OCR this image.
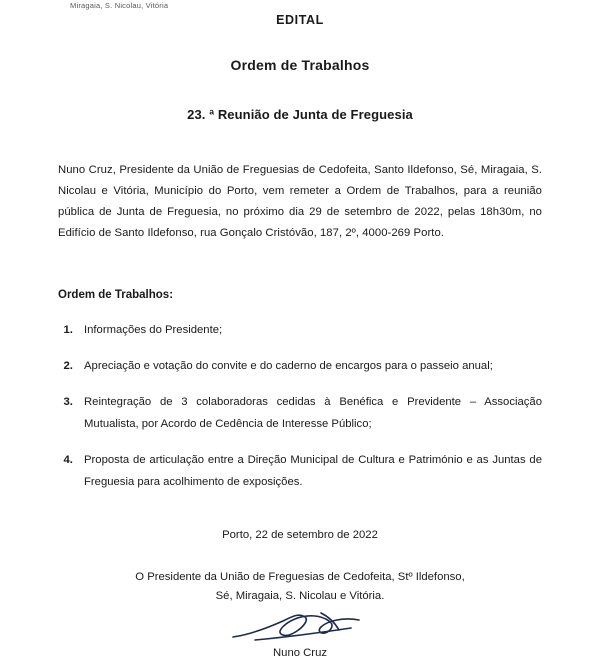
Miragaia, S. Nicolau, Vitória
EDITAL
Ordem de Trabalhos
23. ª Reunião de Junta de Freguesia

Nuno Cruz, Presidente da União de Freguesias de Cedofeita, Santo Ildefonso, Sé, Miragaia, S. Nicolau e Vitória, Município do Porto, vem remeter a Ordem de Trabalhos, para a reunião pública de Junta de Freguesia, no próximo dia 29 de setembro de 2022, pelas 18h30m, no Edifício de Santo Ildefonso, rua Gonçalo Cristóvão, 187, 2º, 4000-269 Porto.

Ordem de Trabalhos:
1. Informações do Presidente;
2. Apreciação e votação do convite e do caderno de encargos para o passeio anual;
3. Reintegração de 3 colaboradoras cedidas à Benéfica e Previdente – Associação Mutualista, por Acordo de Cedência de Interesse Público;
4. Proposta de articulação entre a Direção Municipal de Cultura e Património e as Juntas de Freguesia para acolhimento de exposições.
Porto, 22 de setembro de 2022
O Presidente da União de Freguesias de Cedofeita, Stº Ildefonso,
Sé, Miragaia, S. Nicolau e Vitória.
Nuno Cruz
